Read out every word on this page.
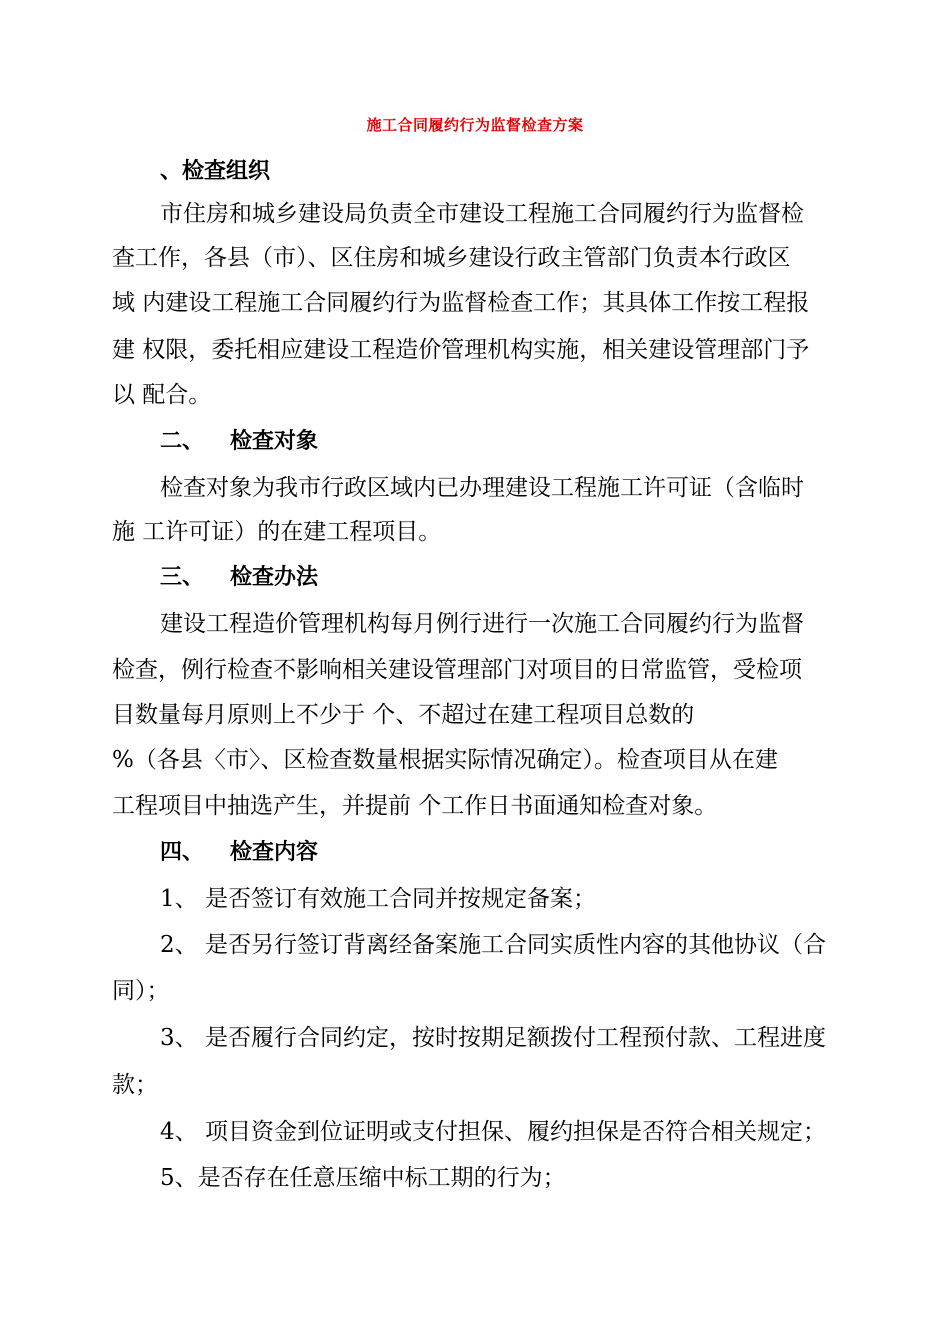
施工合同履约行为监督检查方案
、检查组织
市住房和城乡建设局负责全市建设工程施工合同履约行为监督检
查工作，各县（市）、区住房和城乡建设行政主管部门负责本行政区
域 内建设工程施工合同履约行为监督检查工作；其具体工作按工程报
建 权限，委托相应建设工程造价管理机构实施，相关建设管理部门予
以 配合。
二、 检查对象
检查对象为我市行政区域内已办理建设工程施工许可证（含临时
施 工许可证）的在建工程项目。
三、 检查办法
建设工程造价管理机构每月例行进行一次施工合同履约行为监督
检查，例行检查不影响相关建设管理部门对项目的日常监管，受检项
目数量每月原则上不少于 个、不超过在建工程项目总数的
%（各县〈市〉、区检查数量根据实际情况确定）。检查项目从在建
工程项目中抽选产生，并提前 个工作日书面通知检查对象。
四、 检查内容
1、 是否签订有效施工合同并按规定备案；
2、 是否另行签订背离经备案施工合同实质性内容的其他协议（合
同）；
3、 是否履行合同约定，按时按期足额拨付工程预付款、工程进度
款；
4、 项目资金到位证明或支付担保、履约担保是否符合相关规定；
5、是否存在任意压缩中标工期的行为；
